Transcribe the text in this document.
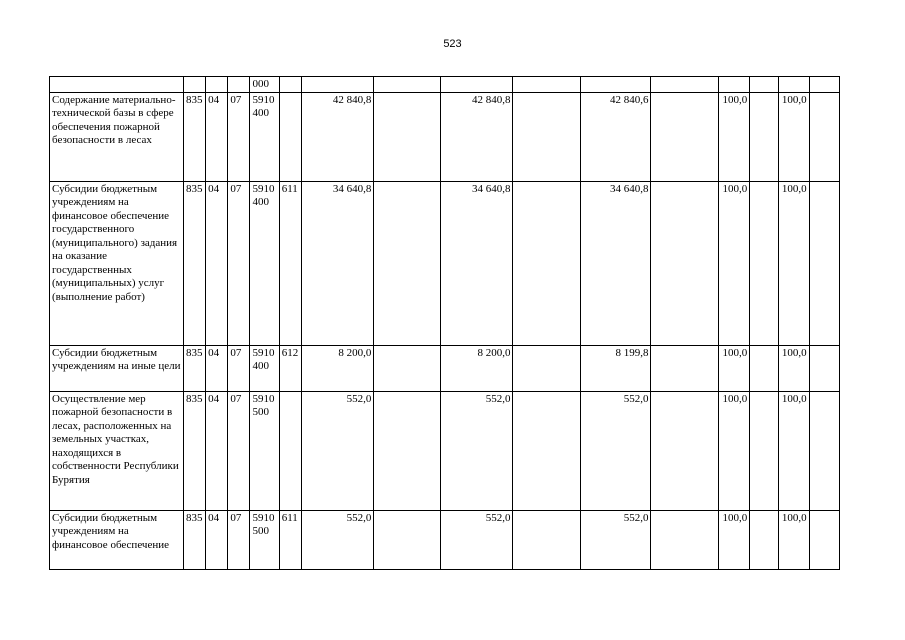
523
				000											
Содержание материально-технической базы в сфере обеспечения пожарной безопасности в лесах	835	04	07	5910 400		42 840,8		42 840,8		42 840,6		100,0		100,0	
Субсидии бюджетным учреждениям на финансовое обеспечение государственного (муниципального) задания на оказание государственных (муниципальных) услуг (выполнение работ)	835	04	07	5910 400	611	34 640,8		34 640,8		34 640,8		100,0		100,0	
Субсидии бюджетным учреждениям на иные цели	835	04	07	5910 400	612	8 200,0		8 200,0		8 199,8		100,0		100,0	
Осуществление мер пожарной безопасности в лесах, расположенных на земельных участках, находящихся в собственности Республики Бурятия	835	04	07	5910 500		552,0		552,0		552,0		100,0		100,0	
Субсидии бюджетным учреждениям на финансовое обеспечение	835	04	07	5910 500	611	552,0		552,0		552,0		100,0		100,0	
